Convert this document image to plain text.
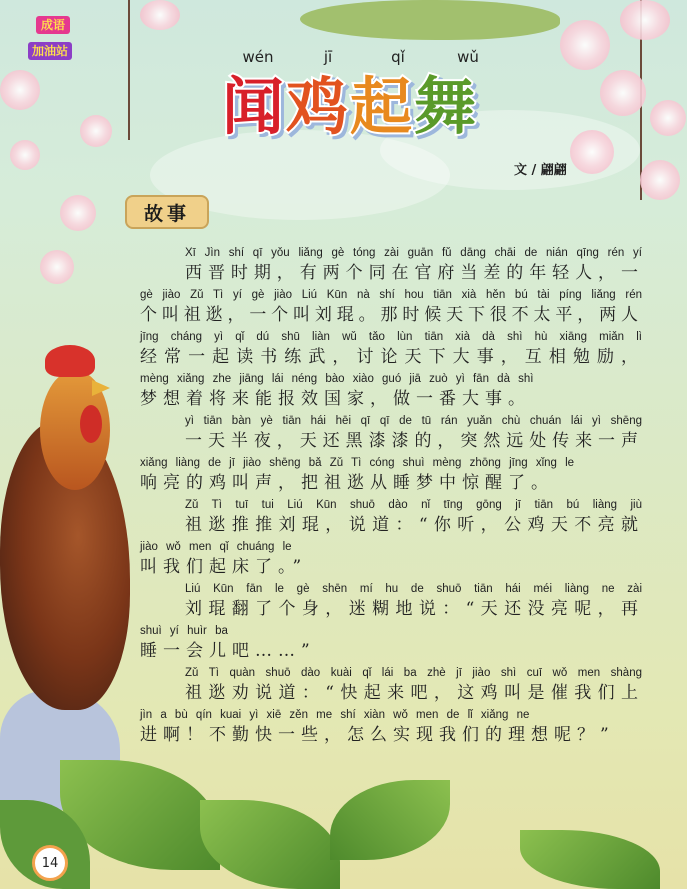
成语
加油站	wén	jī	qǐ	wǔ
闻 鸡 起 舞
文 / 翩翩
故事
Xī Jìn shí qī yǒu liǎng gè tóng zài guān fǔ dāng chāi de nián qīng rén yí
西晋时期，有两个同在官府当差的年轻人，一
gè jiào Zǔ Tì yí gè jiào Liú Kūn nà shí hou tiān xià hěn bú tài píng liǎng rén
个叫祖逖，一个叫刘琨。那时候天下很不太平，两人
jīng cháng yì qǐ dú shū liàn wǔ tǎo lùn tiān xià dà shì hù xiāng miǎn lì
经常一起读书练武，讨论天下大事，互相勉励，
mèng xiǎng zhe jiāng lái néng bào xiào guó jiā zuò yì fān dà shì
梦想着将来能报效国家，做一番大事。
yì tiān bàn yè tiān hái hēi qī qī de tū rán yuǎn chù chuán lái yì shēng
一天半夜，天还黑漆漆的，突然远处传来一声
xiǎng liàng de jī jiào shēng bǎ Zǔ Tì cóng shuì mèng zhōng jīng xǐng le
响亮的鸡叫声，把祖逖从睡梦中惊醒了。
Zǔ Tì tuī tui Liú Kūn shuō dào nǐ tīng gōng jī tiān bú liàng jiù
祖逖推推刘琨，说道：“你听，公鸡天不亮就
jiào wǒ men qǐ chuáng le
叫我们起床了。”
Liú Kūn fān le gè shēn mí hu de shuō tiān hái méi liàng ne zài
刘琨翻了个身，迷糊地说：“天还没亮呢，再
shuì yí huìr ba
睡一会儿吧……”
Zǔ Tì quàn shuō dào kuài qǐ lái ba zhè jī jiào shì cuī wǒ men shàng
祖逖劝说道：“快起来吧，这鸡叫是催我们上
jìn a bù qín kuai yì xiē zěn me shí xiàn wǒ men de lǐ xiǎng ne
进啊！不勤快一些，怎么实现我们的理想呢？”
14
